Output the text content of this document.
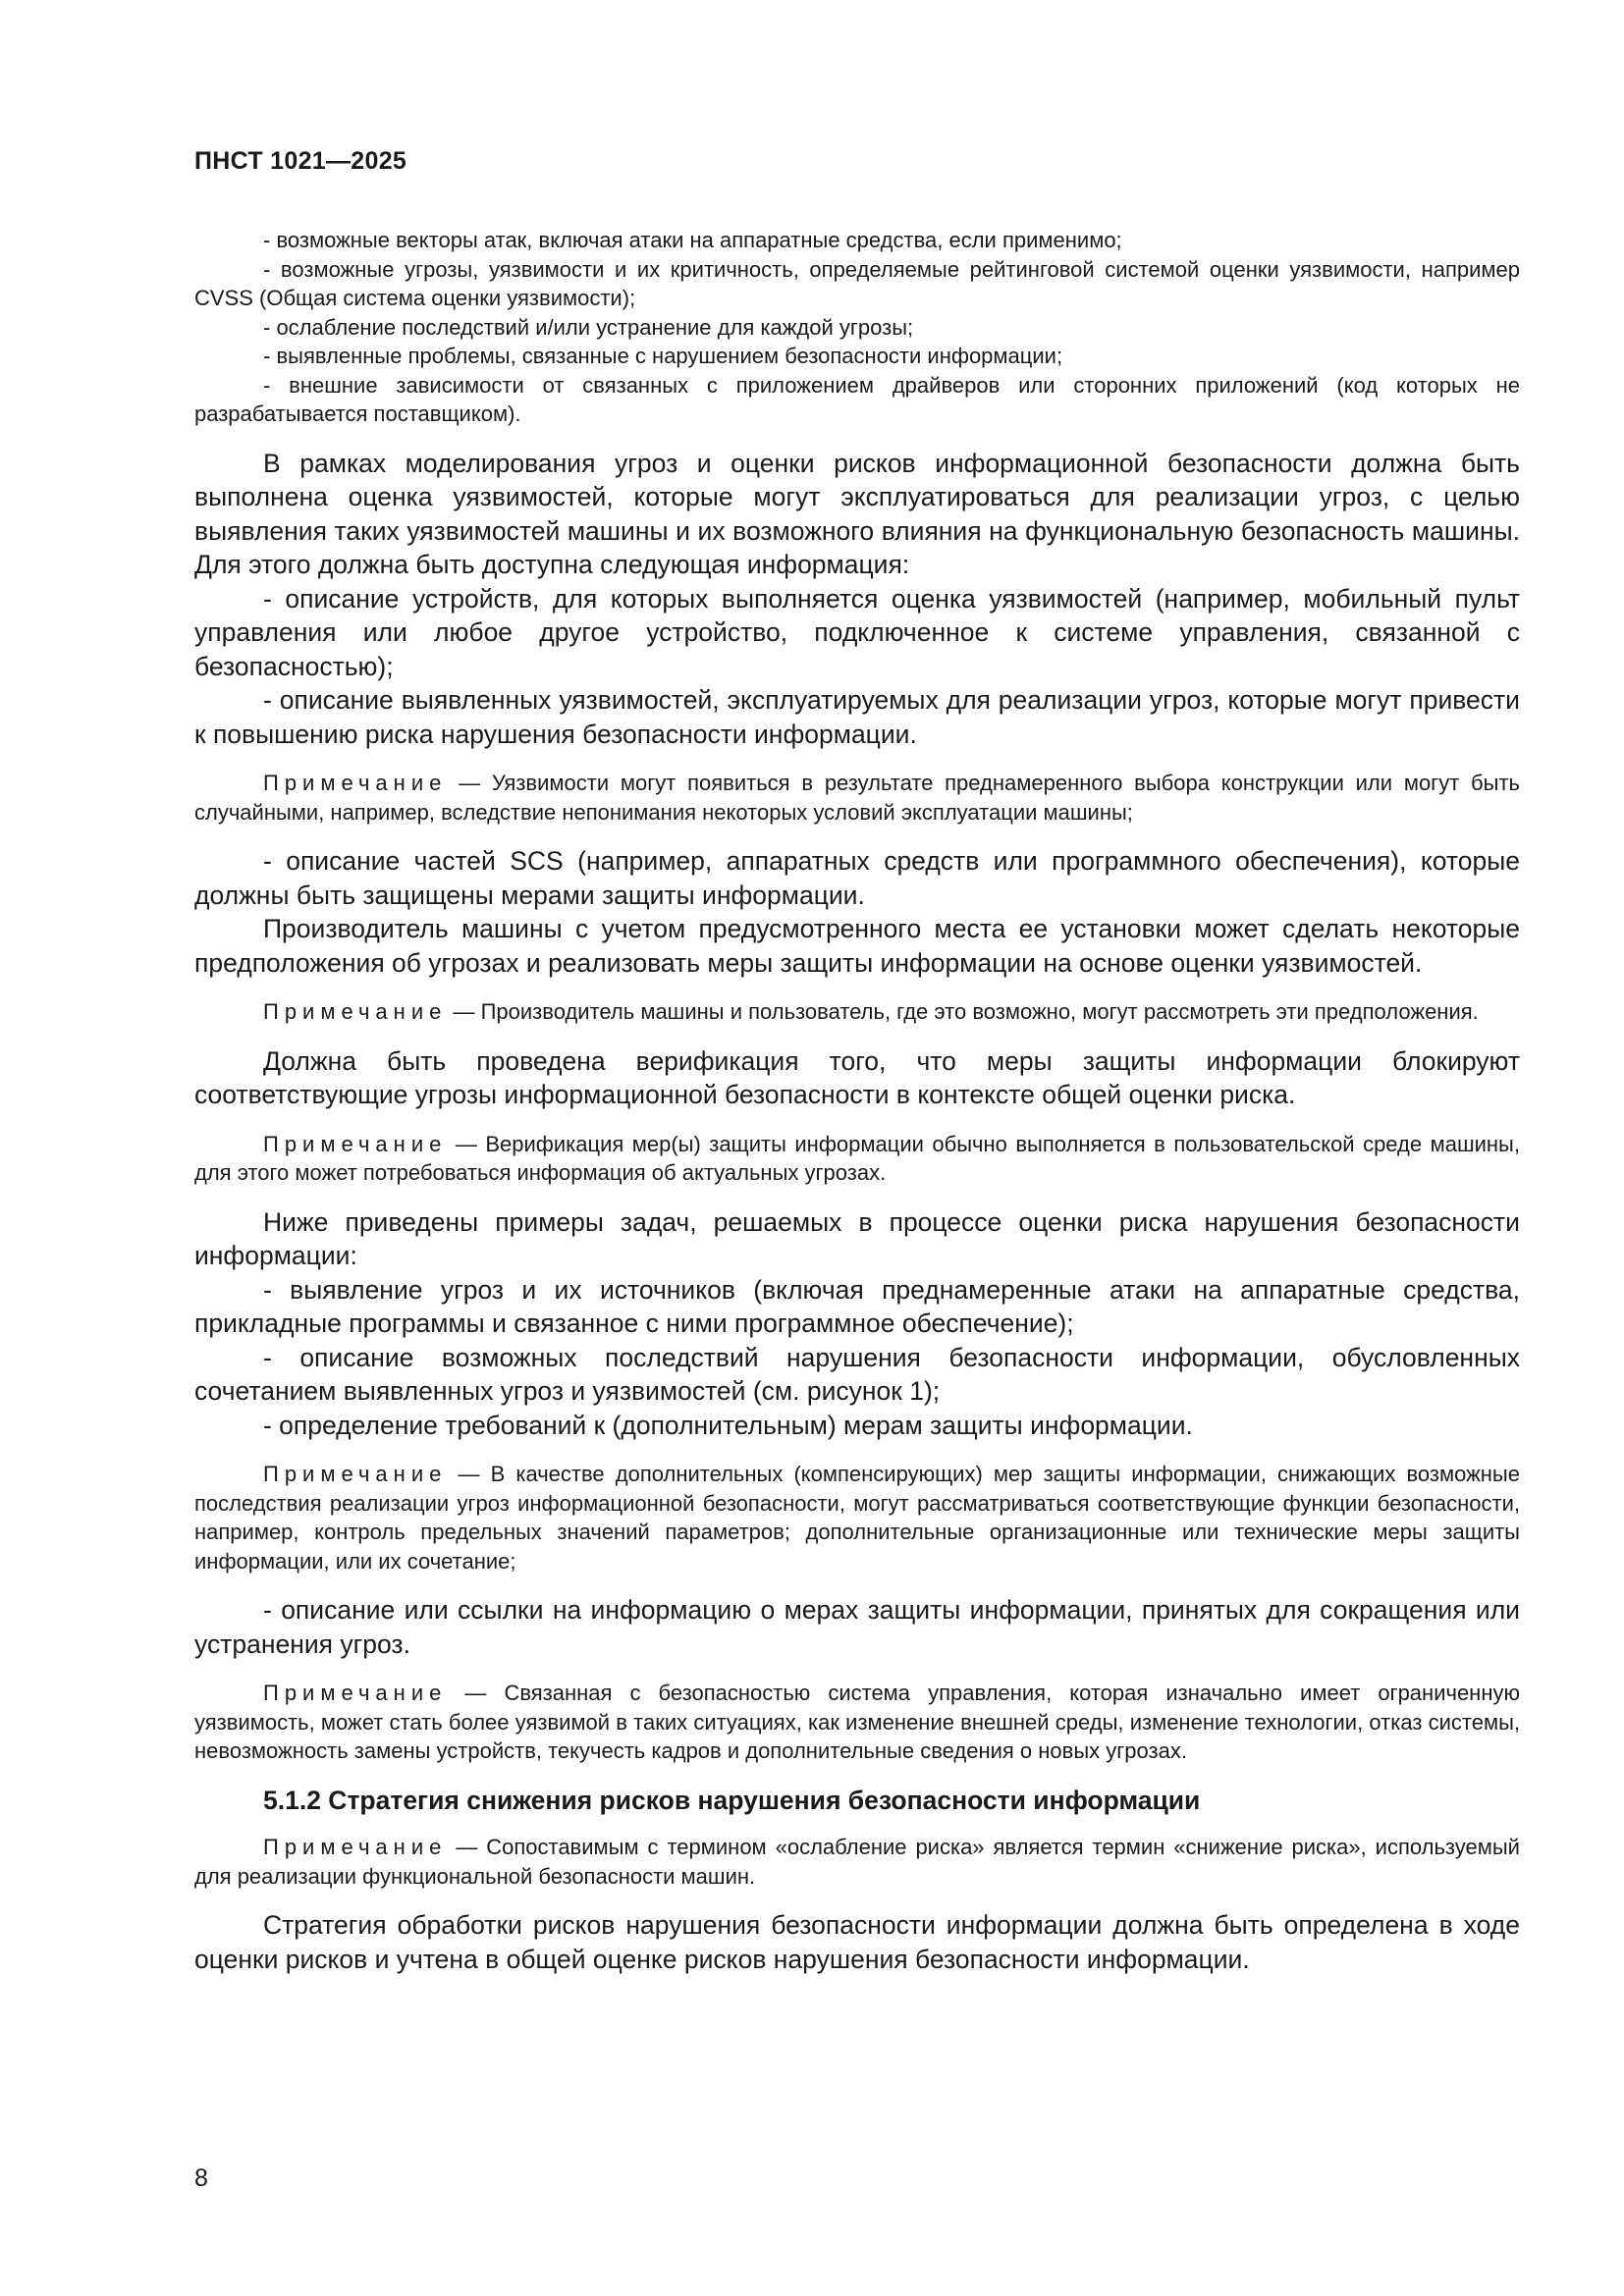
ПНСТ 1021—2025

- возможные векторы атак, включая атаки на аппаратные средства, если применимо;

- возможные угрозы, уязвимости и их критичность, определяемые рейтинговой системой оценки уязвимости, например CVSS (Общая система оценки уязвимости);

- ослабление последствий и/или устранение для каждой угрозы;

- выявленные проблемы, связанные с нарушением безопасности информации;

- внешние зависимости от связанных с приложением драйверов или сторонних приложений (код которых не разрабатывается поставщиком).

В рамках моделирования угроз и оценки рисков информационной безопасности должна быть выполнена оценка уязвимостей, которые могут эксплуатироваться для реализации угроз, с целью выявления таких уязвимостей машины и их возможного влияния на функциональную безопасность машины. Для этого должна быть доступна следующая информация:

- описание устройств, для которых выполняется оценка уязвимостей (например, мобильный пульт управления или любое другое устройство, подключенное к системе управления, связанной с безопасностью);

- описание выявленных уязвимостей, эксплуатируемых для реализации угроз, которые могут привести к повышению риска нарушения безопасности информации.

Примечание — Уязвимости могут появиться в результате преднамеренного выбора конструкции или могут быть случайными, например, вследствие непонимания некоторых условий эксплуатации машины;

- описание частей SCS (например, аппаратных средств или программного обеспечения), которые должны быть защищены мерами защиты информации.

Производитель машины с учетом предусмотренного места ее установки может сделать некоторые предположения об угрозах и реализовать меры защиты информации на основе оценки уязвимостей.

Примечание — Производитель машины и пользователь, где это возможно, могут рассмотреть эти предположения.

Должна быть проведена верификация того, что меры защиты информации блокируют соответствующие угрозы информационной безопасности в контексте общей оценки риска.

Примечание — Верификация мер(ы) защиты информации обычно выполняется в пользовательской среде машины, для этого может потребоваться информация об актуальных угрозах.

Ниже приведены примеры задач, решаемых в процессе оценки риска нарушения безопасности информации:

- выявление угроз и их источников (включая преднамеренные атаки на аппаратные средства, прикладные программы и связанное с ними программное обеспечение);

- описание возможных последствий нарушения безопасности информации, обусловленных сочетанием выявленных угроз и уязвимостей (см. рисунок 1);

- определение требований к (дополнительным) мерам защиты информации.

Примечание — В качестве дополнительных (компенсирующих) мер защиты информации, снижающих возможные последствия реализации угроз информационной безопасности, могут рассматриваться соответствующие функции безопасности, например, контроль предельных значений параметров; дополнительные организационные или технические меры защиты информации, или их сочетание;

- описание или ссылки на информацию о мерах защиты информации, принятых для сокращения или устранения угроз.

Примечание — Связанная с безопасностью система управления, которая изначально имеет ограниченную уязвимость, может стать более уязвимой в таких ситуациях, как изменение внешней среды, изменение технологии, отказ системы, невозможность замены устройств, текучесть кадров и дополнительные сведения о новых угрозах.

5.1.2 Стратегия снижения рисков нарушения безопасности информации

Примечание — Сопоставимым с термином «ослабление риска» является термин «снижение риска», используемый для реализации функциональной безопасности машин.

Стратегия обработки рисков нарушения безопасности информации должна быть определена в ходе оценки рисков и учтена в общей оценке рисков нарушения безопасности информации.

8
